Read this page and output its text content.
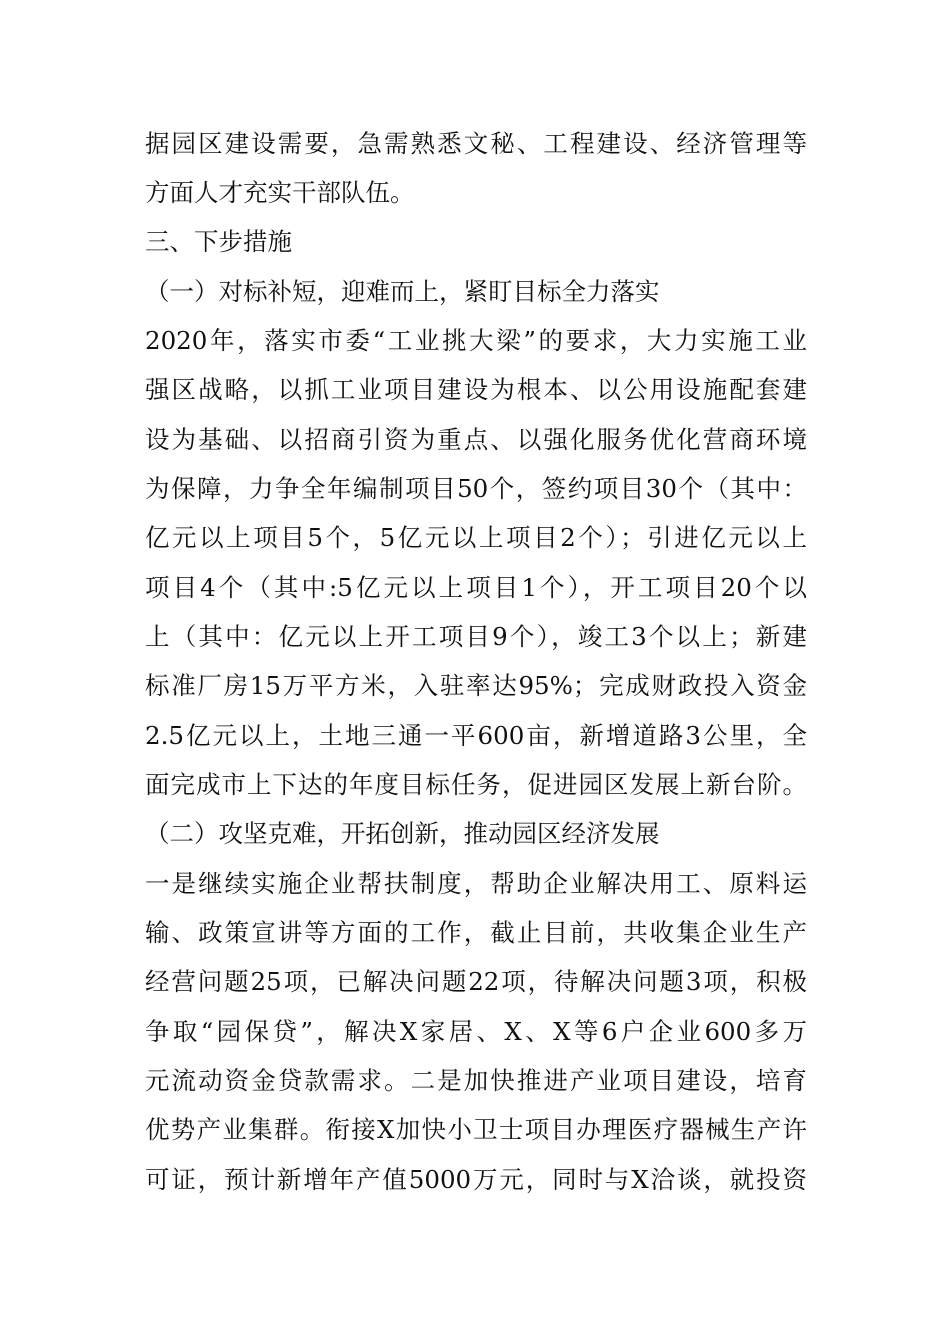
据园区建设需要，急需熟悉文秘、工程建设、经济管理等
方面人才充实干部队伍。
三、下步措施
（一）对标补短，迎难而上，紧盯目标全力落实
2020年，落实市委“工业挑大梁”的要求，大力实施工业
强区战略，以抓工业项目建设为根本、以公用设施配套建
设为基础、以招商引资为重点、以强化服务优化营商环境
为保障，力争全年编制项目50个，签约项目30个（其中：
亿元以上项目5个，5亿元以上项目2个）；引进亿元以上
项目4个（其中:5亿元以上项目1个），开工项目20个以
上（其中：亿元以上开工项目9个），竣工3个以上；新建
标准厂房15万平方米，入驻率达95%；完成财政投入资金
2.5亿元以上，土地三通一平600亩，新增道路3公里，全
面完成市上下达的年度目标任务，促进园区发展上新台阶。
（二）攻坚克难，开拓创新，推动园区经济发展
一是继续实施企业帮扶制度，帮助企业解决用工、原料运
输、政策宣讲等方面的工作，截止目前，共收集企业生产
经营问题25项，已解决问题22项，待解决问题3项，积极
争取“园保贷”，解决X家居、X、X等6户企业600多万
元流动资金贷款需求。二是加快推进产业项目建设，培育
优势产业集群。衔接X加快小卫士项目办理医疗器械生产许
可证，预计新增年产值5000万元，同时与X洽谈，就投资
